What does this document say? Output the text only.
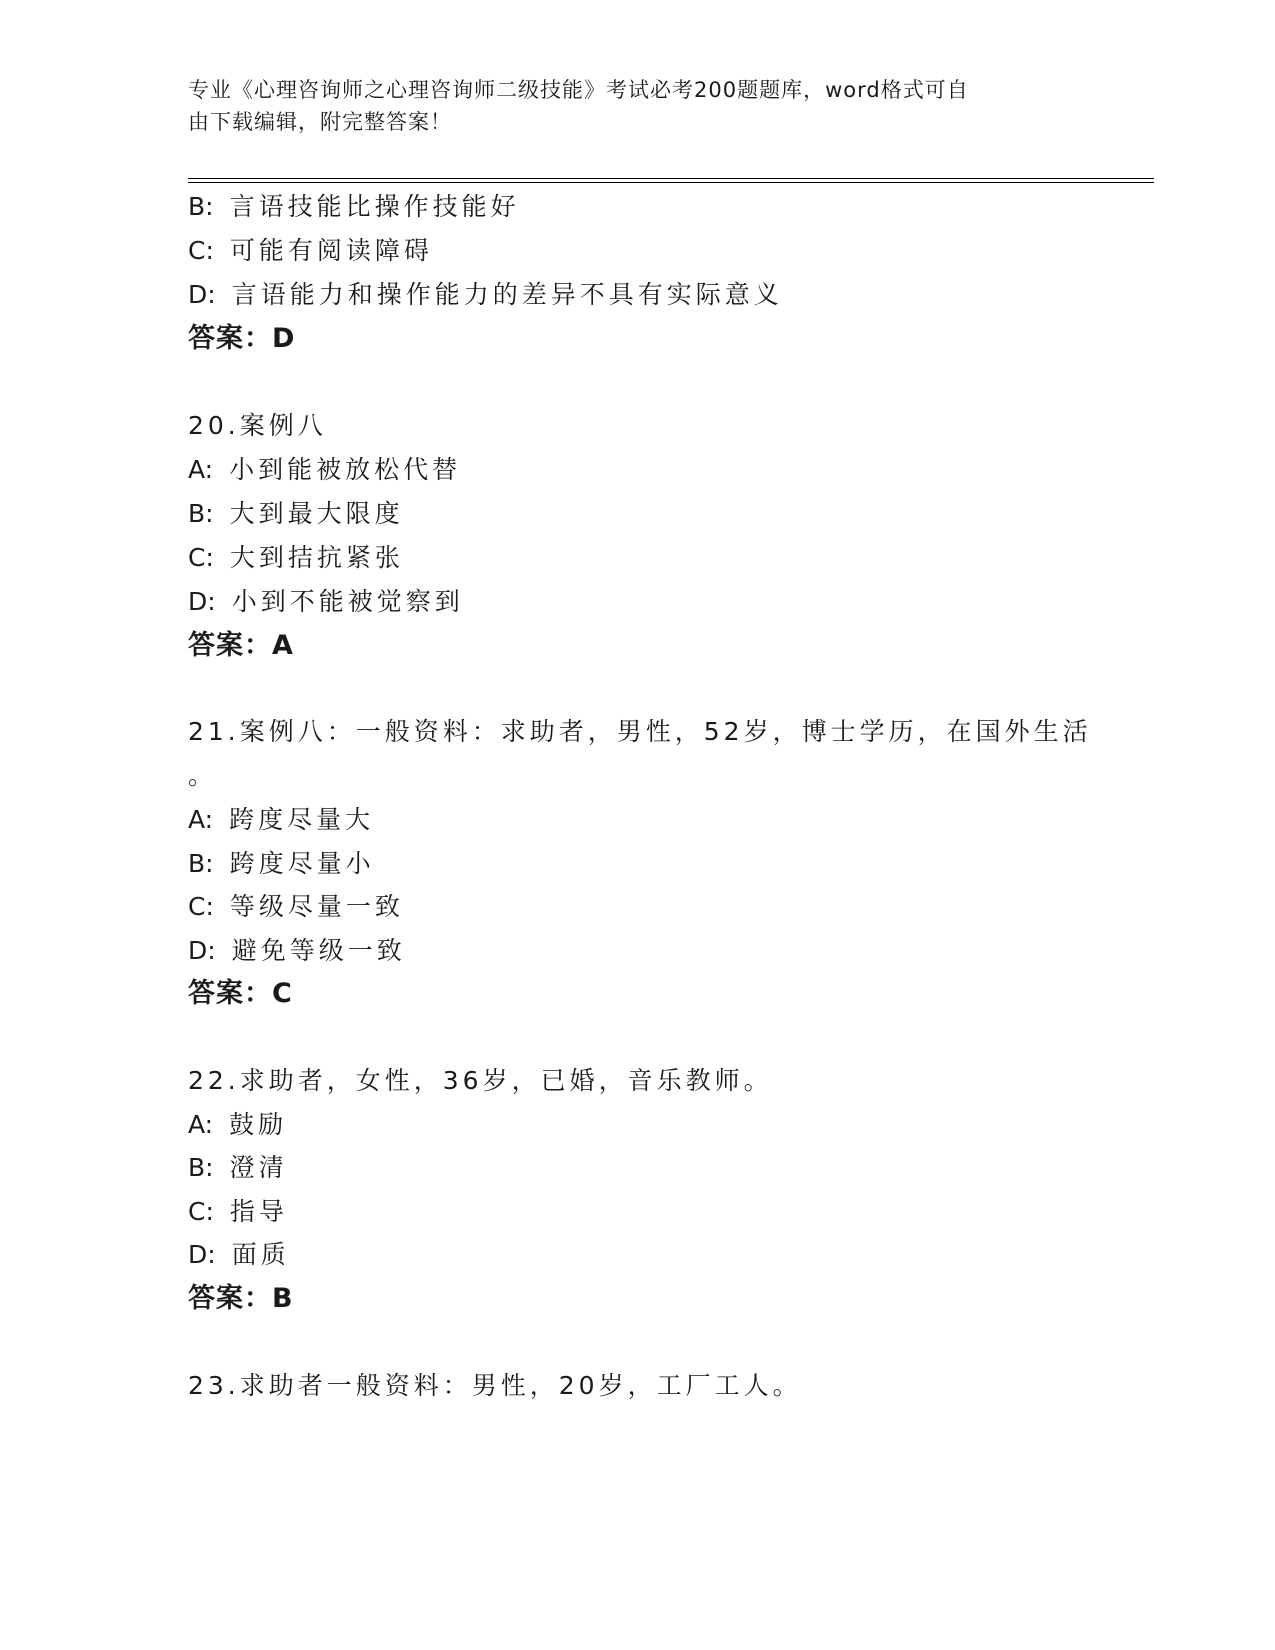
专业《心理咨询师之心理咨询师二级技能》考试必考200题题库，word格式可自
由下载编辑，附完整答案！
B: 言语技能比操作技能好
C: 可能有阅读障碍
D: 言语能力和操作能力的差异不具有实际意义
答案：D
20.案例八
A: 小到能被放松代替
B: 大到最大限度
C: 大到拮抗紧张
D: 小到不能被觉察到
答案：A
21.案例八：一般资料：求助者，男性，52岁，博士学历，在国外生活
。
A: 跨度尽量大
B: 跨度尽量小
C: 等级尽量一致
D: 避免等级一致
答案：C
22.求助者，女性，36岁，已婚，音乐教师。
A: 鼓励
B: 澄清
C: 指导
D: 面质
答案：B
23.求助者一般资料：男性，20岁，工厂工人。
